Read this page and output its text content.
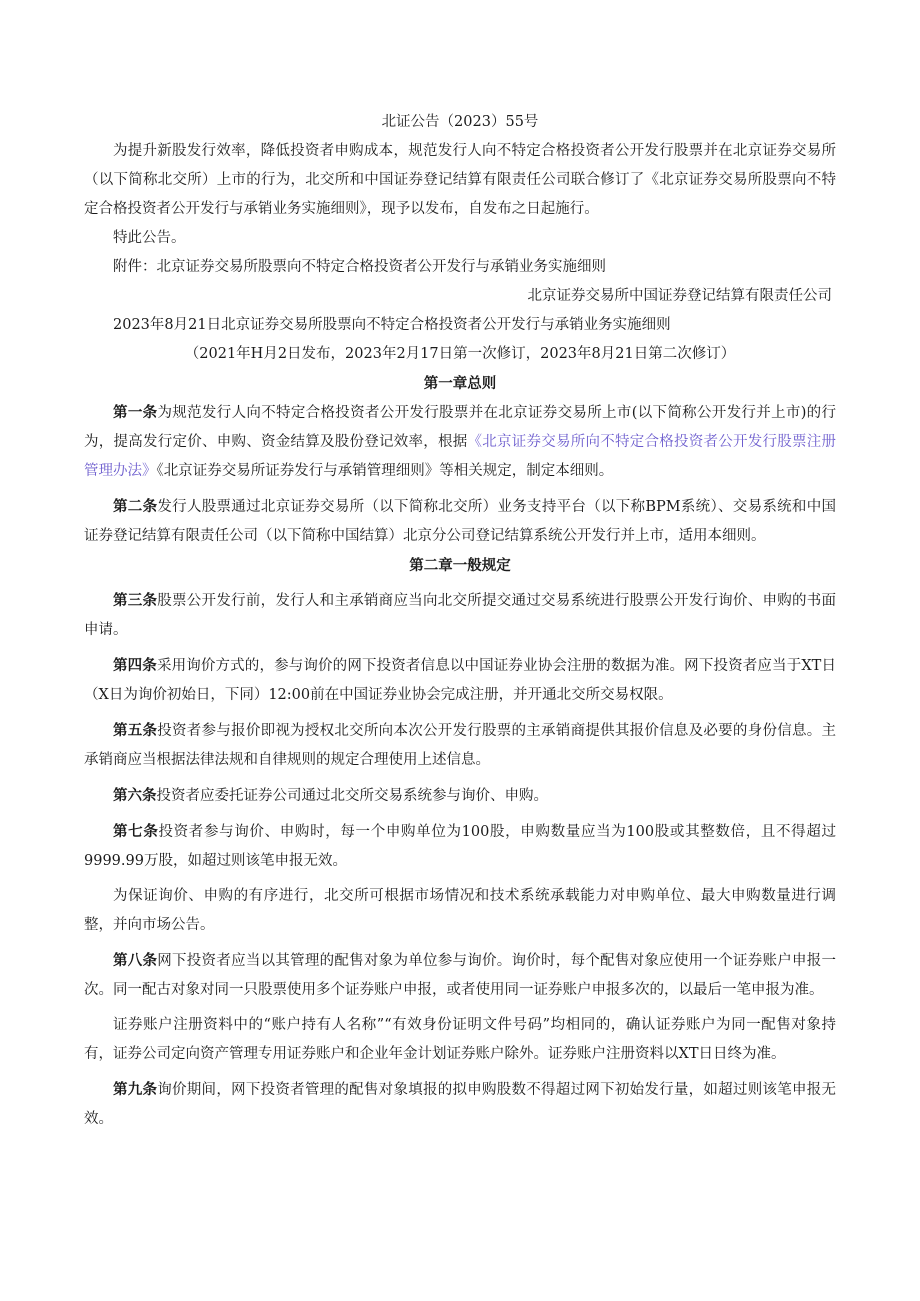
北证公告（2023）55号

为提升新股发行效率，降低投资者申购成本，规范发行人向不特定合格投资者公开发行股票并在北京证券交易所（以下简称北交所）上市的行为，北交所和中国证券登记结算有限责任公司联合修订了《北京证券交易所股票向不特定合格投资者公开发行与承销业务实施细则》，现予以发布，自发布之日起施行。

特此公告。

附件：北京证券交易所股票向不特定合格投资者公开发行与承销业务实施细则

北京证券交易所中国证券登记结算有限责任公司

2023年8月21日北京证券交易所股票向不特定合格投资者公开发行与承销业务实施细则

（2021年H月2日发布，2023年2月17日第一次修订，2023年8月21日第二次修订）

第一章总则

第一条为规范发行人向不特定合格投资者公开发行股票并在北京证券交易所上市(以下简称公开发行并上市)的行为，提高发行定价、申购、资金结算及股份登记效率，根据《北京证券交易所向不特定合格投资者公开发行股票注册管理办法》《北京证券交易所证券发行与承销管理细则》等相关规定，制定本细则。

第二条发行人股票通过北京证券交易所（以下简称北交所）业务支持平台（以下称BPM系统）、交易系统和中国证券登记结算有限责任公司（以下简称中国结算）北京分公司登记结算系统公开发行并上市，适用本细则。

第二章一般规定

第三条股票公开发行前，发行人和主承销商应当向北交所提交通过交易系统进行股票公开发行询价、申购的书面申请。

第四条采用询价方式的，参与询价的网下投资者信息以中国证券业协会注册的数据为准。网下投资者应当于XT日（X日为询价初始日，下同）12:00前在中国证券业协会完成注册，并开通北交所交易权限。

第五条投资者参与报价即视为授权北交所向本次公开发行股票的主承销商提供其报价信息及必要的身份信息。主承销商应当根据法律法规和自律规则的规定合理使用上述信息。

第六条投资者应委托证券公司通过北交所交易系统参与询价、申购。

第七条投资者参与询价、申购时，每一个申购单位为100股，申购数量应当为100股或其整数倍，且不得超过9999.99万股，如超过则该笔申报无效。

为保证询价、申购的有序进行，北交所可根据市场情况和技术系统承载能力对申购单位、最大申购数量进行调整，并向市场公告。

第八条网下投资者应当以其管理的配售对象为单位参与询价。询价时，每个配售对象应使用一个证券账户申报一次。同一配古对象对同一只股票使用多个证券账户申报，或者使用同一证券账户申报多次的，以最后一笔申报为准。

证券账户注册资料中的“账户持有人名称”“有效身份证明文件号码”均相同的，确认证券账户为同一配售对象持有，证券公司定向资产管理专用证券账户和企业年金计划证券账户除外。证券账户注册资料以XT日日终为准。

第九条询价期间，网下投资者管理的配售对象填报的拟申购股数不得超过网下初始发行量，如超过则该笔申报无效。
